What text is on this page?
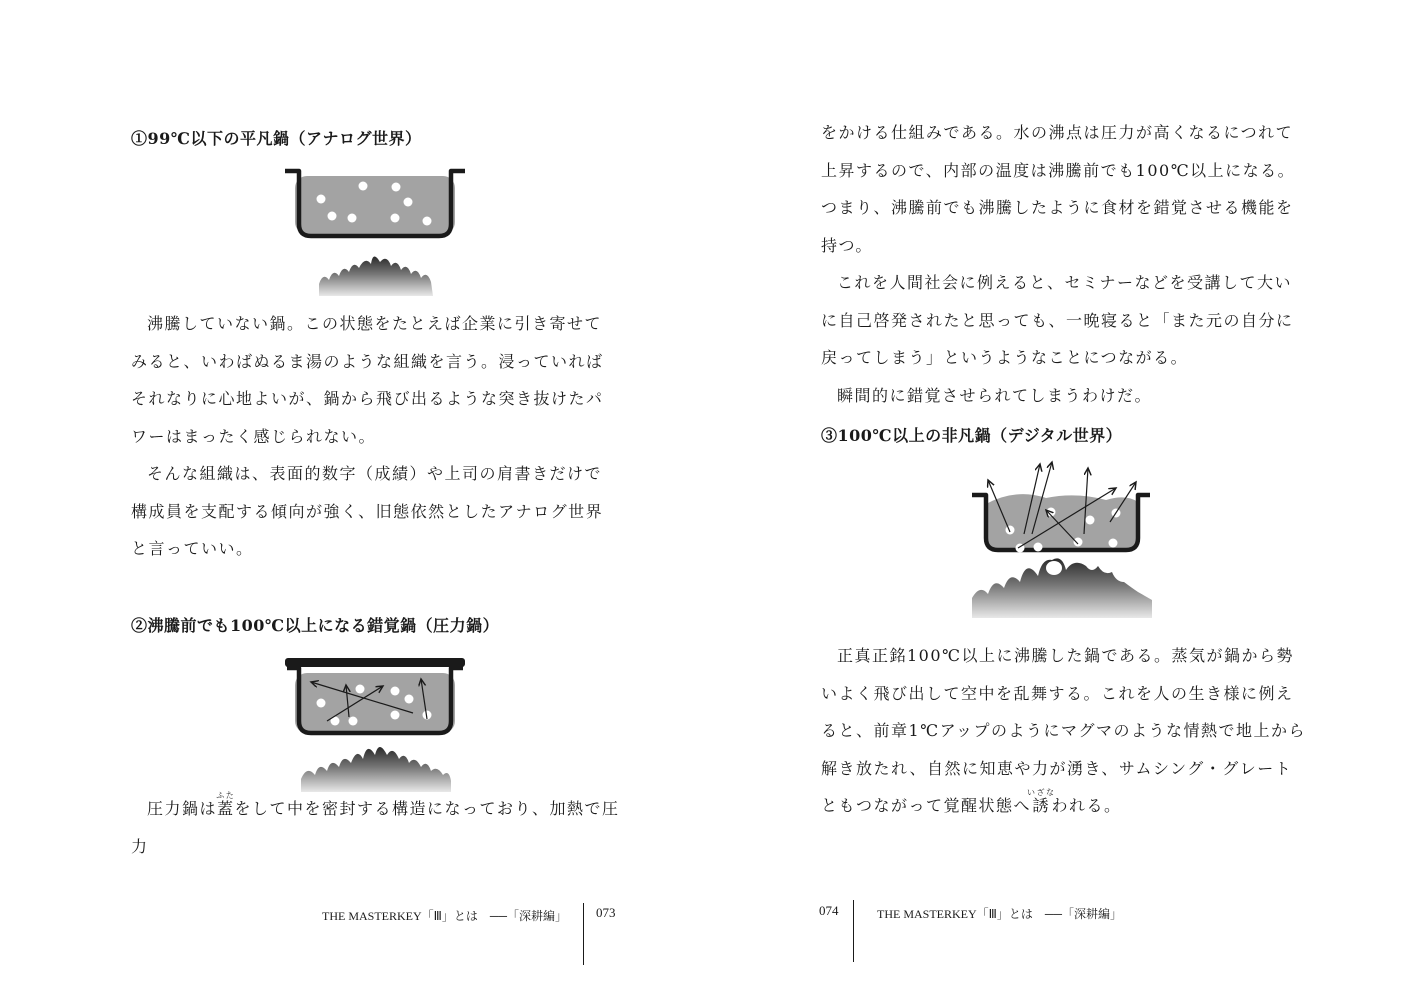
①99℃以下の平凡鍋（アナログ世界）

沸騰していない鍋。この状態をたとえば企業に引き寄せてみると、いわばぬるま湯のような組織を言う。浸っていればそれなりに心地よいが、鍋から飛び出るような突き抜けたパワーはまったく感じられない。

そんな組織は、表面的数字（成績）や上司の肩書きだけで構成員を支配する傾向が強く、旧態依然としたアナログ世界と言っていい。

②沸騰前でも100℃以上になる錯覚鍋（圧力鍋）

圧力鍋は蓋ふたをして中を密封する構造になっており、加熱で圧力

THE MASTERKEY「Ⅲ」とは　──「深耕編」 073

をかける仕組みである。水の沸点は圧力が高くなるにつれて上昇するので、内部の温度は沸騰前でも100℃以上になる。つまり、沸騰前でも沸騰したように食材を錯覚させる機能を持つ。

これを人間社会に例えると、セミナーなどを受講して大いに自己啓発されたと思っても、一晩寝ると「また元の自分に戻ってしまう」というようなことにつながる。

瞬間的に錯覚させられてしまうわけだ。

③100℃以上の非凡鍋（デジタル世界）

正真正銘100℃以上に沸騰した鍋である。蒸気が鍋から勢いよく飛び出して空中を乱舞する。これを人の生き様に例えると、前章1℃アップのようにマグマのような情熱で地上から解き放たれ、自然に知恵や力が湧き、サムシング・グレートともつながって覚醒状態へ誘いざなわれる。

074	THE MASTERKEY「Ⅲ」とは　──「深耕編」
